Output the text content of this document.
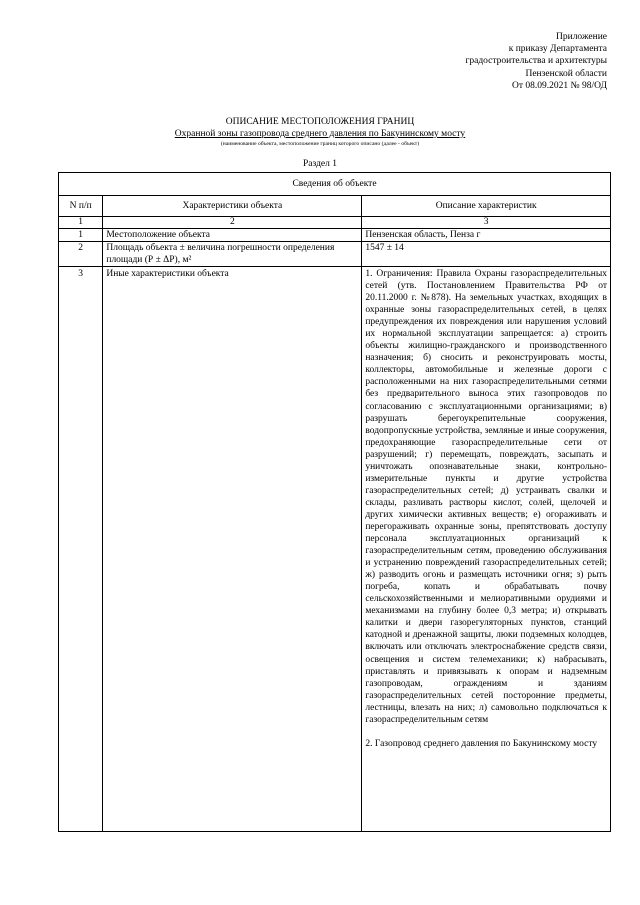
Приложение
к приказу Департамента
градостроительства и архитектуры
Пензенской области
От 08.09.2021 № 98/ОД
ОПИСАНИЕ МЕСТОПОЛОЖЕНИЯ ГРАНИЦ
Охранной зоны газопровода среднего давления по Бакунинскому мосту
(наименование объекта, местоположение границ которого описано (далее - объект)
Раздел 1
Сведения об объекте		
N п/п	Характеристики объекта	Описание характеристик
1	2	3
1	Местоположение объекта	Пензенская область, Пенза г
2	Площадь объекта ± величина погрешности определения площади (Р ± ΔР), м²	1547 ± 14
3	Иные характеристики объекта	1. Ограничения: Правила Охраны газораспределительных сетей (утв. Постановлением Правительства РФ от 20.11.2000 г. №878). На земельных участках, входящих в охранные зоны газораспределительных сетей, в целях предупреждения их повреждения или нарушения условий их нормальной эксплуатации запрещается: а) строить объекты жилищно-гражданского и производственного назначения; б) сносить и реконструировать мосты, коллекторы, автомобильные и железные дороги с расположенными на них газораспределительными сетями без предварительного выноса этих газопроводов по согласованию с эксплуатационными организациями; в) разрушать берегоукрепительные сооружения, водопропускные устройства, земляные и иные сооружения, предохраняющие газораспределительные сети от разрушений; г) перемещать, повреждать, засыпать и уничтожать опознавательные знаки, контрольно-измерительные пункты и другие устройства газораспределительных сетей; д) устраивать свалки и склады, разливать растворы кислот, солей, щелочей и других химически активных веществ; е) огораживать и перегораживать охранные зоны, препятствовать доступу персонала эксплуатационных организаций к газораспределительным сетям, проведению обслуживания и устранению повреждений газораспределительных сетей; ж) разводить огонь и размещать источники огня; з) рыть погреба, копать и обрабатывать почву сельскохозяйственными и мелиоративными орудиями и механизмами на глубину более 0,3 метра; и) открывать калитки и двери газорегуляторных пунктов, станций катодной и дренажной защиты, люки подземных колодцев, включать или отключать электроснабжение средств связи, освещения и систем телемеханики; к) набрасывать, приставлять и привязывать к опорам и надземным газопроводам, ограждениям и зданиям газораспределительных сетей посторонние предметы, лестницы, влезать на них; л) самовольно подключаться к газораспределительным сетям

2. Газопровод среднего давления по Бакунинскому мосту
